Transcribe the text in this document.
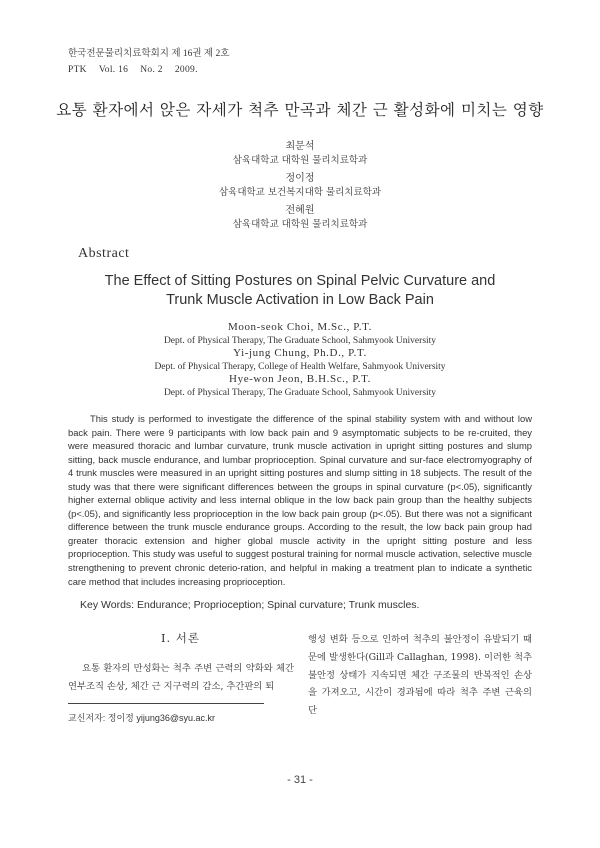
한국전문물리치료학회지 제 16권 제 2호
PTK Vol. 16 No. 2 2009.
요통 환자에서 앉은 자세가 척추 만곡과 체간 근 활성화에 미치는 영향
최문석
삼육대학교 대학원 물리치료학과
정이정
삼육대학교 보건복지대학 물리치료학과
전혜원
삼육대학교 대학원 물리치료학과
Abstract
The Effect of Sitting Postures on Spinal Pelvic Curvature and
Trunk Muscle Activation in Low Back Pain
Moon-seok Choi, M.Sc., P.T.
Dept. of Physical Therapy, The Graduate School, Sahmyook University
Yi-jung Chung, Ph.D., P.T.
Dept. of Physical Therapy, College of Health Welfare, Sahmyook University
Hye-won Jeon, B.H.Sc., P.T.
Dept. of Physical Therapy, The Graduate School, Sahmyook University
This study is performed to investigate the difference of the spinal stability system with and without low back pain. There were 9 participants with low back pain and 9 asymptomatic subjects to be re-cruited, they were measured thoracic and lumbar curvature, trunk muscle activation in upright sitting postures and slump sitting, back muscle endurance, and lumbar proprioception. Spinal curvature and sur-face electromyography of 4 trunk muscles were measured in an upright sitting postures and slump sitting in 18 subjects. The result of the study was that there were significant differences between the groups in spinal curvature (p<.05), significantly higher external oblique activity and less internal oblique in the low back pain group than the healthy subjects (p<.05), and significantly less proprioception in the low back pain group (p<.05). But there was not a significant difference between the trunk muscle endurance groups. According to the result, the low back pain group had greater thoracic extension and higher global muscle activity in the upright sitting posture and less proprioception. This study was useful to suggest postural training for normal muscle activation, selective muscle strengthening to prevent chronic deterio-ration, and helpful in making a treatment plan to indicate a synthetic care method that includes increasing proprioception.
Key Words: Endurance; Proprioception; Spinal curvature; Trunk muscles.
Ⅰ. 서론
요통 환자의 만성화는 척추 주변 근력의 약화와 체간 연부조직 손상, 체간 근 지구력의 감소, 추간판의 퇴
행성 변화 등으로 인하여 척추의 불안정이 유발되기 때문에 발생한다(Gill과 Callaghan, 1998). 이러한 척추 불안정 상태가 지속되면 체간 구조물의 반복적인 손상을 가져오고, 시간이 경과됨에 따라 척추 주변 근육의 단
교신저자: 정이정 yijung36@syu.ac.kr
- 31 -
